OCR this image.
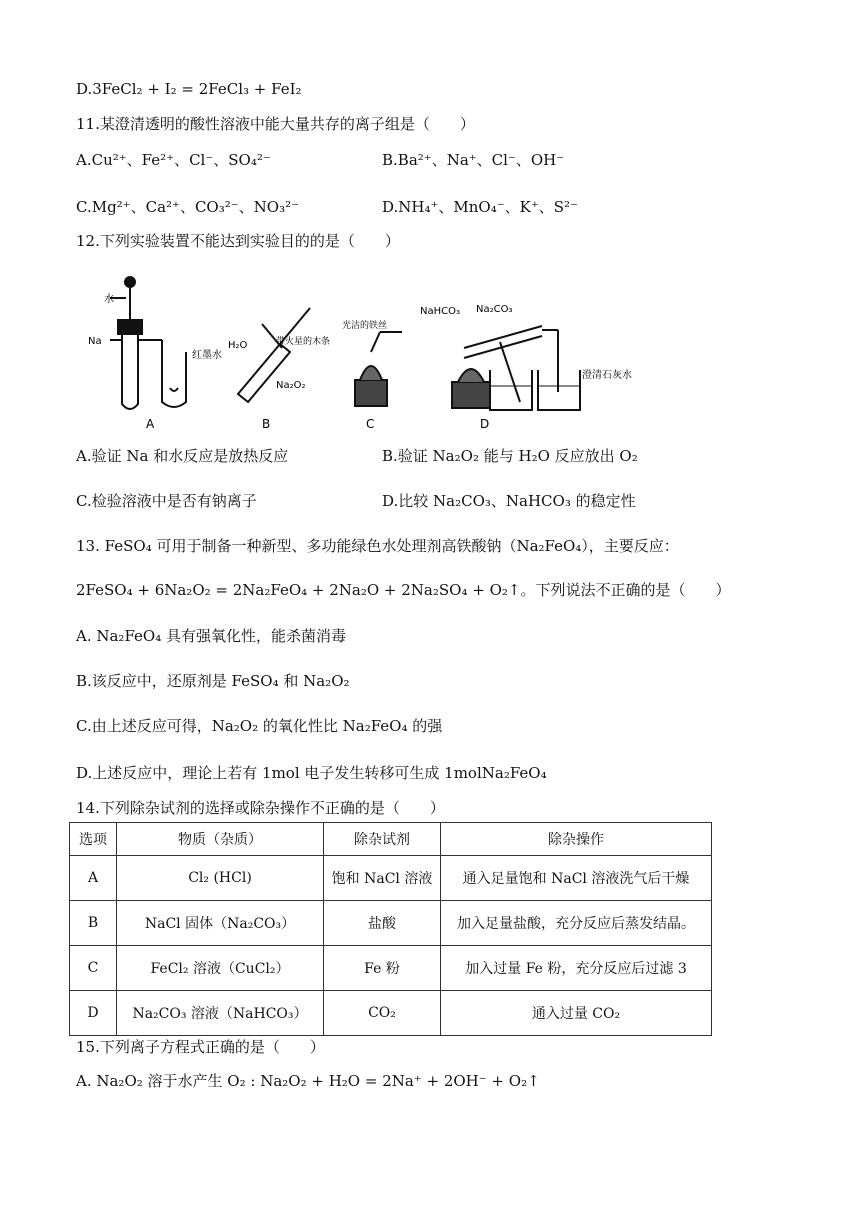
D.3FeCl₂ + I₂ = 2FeCl₃ + FeI₂
11.某澄清透明的酸性溶液中能大量共存的离子组是（　　）
A.Cu²⁺、Fe²⁺、Cl⁻、SO₄²⁻	B.Ba²⁺、Na⁺、Cl⁻、OH⁻
C.Mg²⁺、Ca²⁺、CO₃²⁻、NO₃²⁻	D.NH₄⁺、MnO₄⁻、K⁺、S²⁻
12.下列实验装置不能达到实验目的的是（　　）
水
Na
红墨水
H₂O
Na₂O₂
带火星的木条
光洁的铁丝
NaHCO₃ Na₂CO₃
澄清石灰水
A	B	C	D
A.验证 Na 和水反应是放热反应	B.验证 Na₂O₂ 能与 H₂O 反应放出 O₂
C.检验溶液中是否有钠离子	D.比较 Na₂CO₃、NaHCO₃ 的稳定性
13. FeSO₄ 可用于制备一种新型、多功能绿色水处理剂高铁酸钠（Na₂FeO₄），主要反应：
2FeSO₄ + 6Na₂O₂ = 2Na₂FeO₄ + 2Na₂O + 2Na₂SO₄ + O₂↑。下列说法不正确的是（　　）
A. Na₂FeO₄ 具有强氧化性，能杀菌消毒
B.该反应中，还原剂是 FeSO₄ 和 Na₂O₂
C.由上述反应可得，Na₂O₂ 的氧化性比 Na₂FeO₄ 的强
D.上述反应中，理论上若有 1mol 电子发生转移可生成 1molNa₂FeO₄
14.下列除杂试剂的选择或除杂操作不正确的是（　　）
选项	物质（杂质）	除杂试剂	除杂操作
A	Cl₂ (HCl)	饱和 NaCl 溶液	通入足量饱和 NaCl 溶液洗气后干燥
B	NaCl 固体（Na₂CO₃）	盐酸	加入足量盐酸，充分反应后蒸发结晶。
C	FeCl₂ 溶液（CuCl₂）	Fe 粉	加入过量 Fe 粉，充分反应后过滤 3
D	Na₂CO₃ 溶液（NaHCO₃）	CO₂	通入过量 CO₂
15.下列离子方程式正确的是（　　）
A. Na₂O₂ 溶于水产生 O₂ : Na₂O₂ + H₂O = 2Na⁺ + 2OH⁻ + O₂↑
